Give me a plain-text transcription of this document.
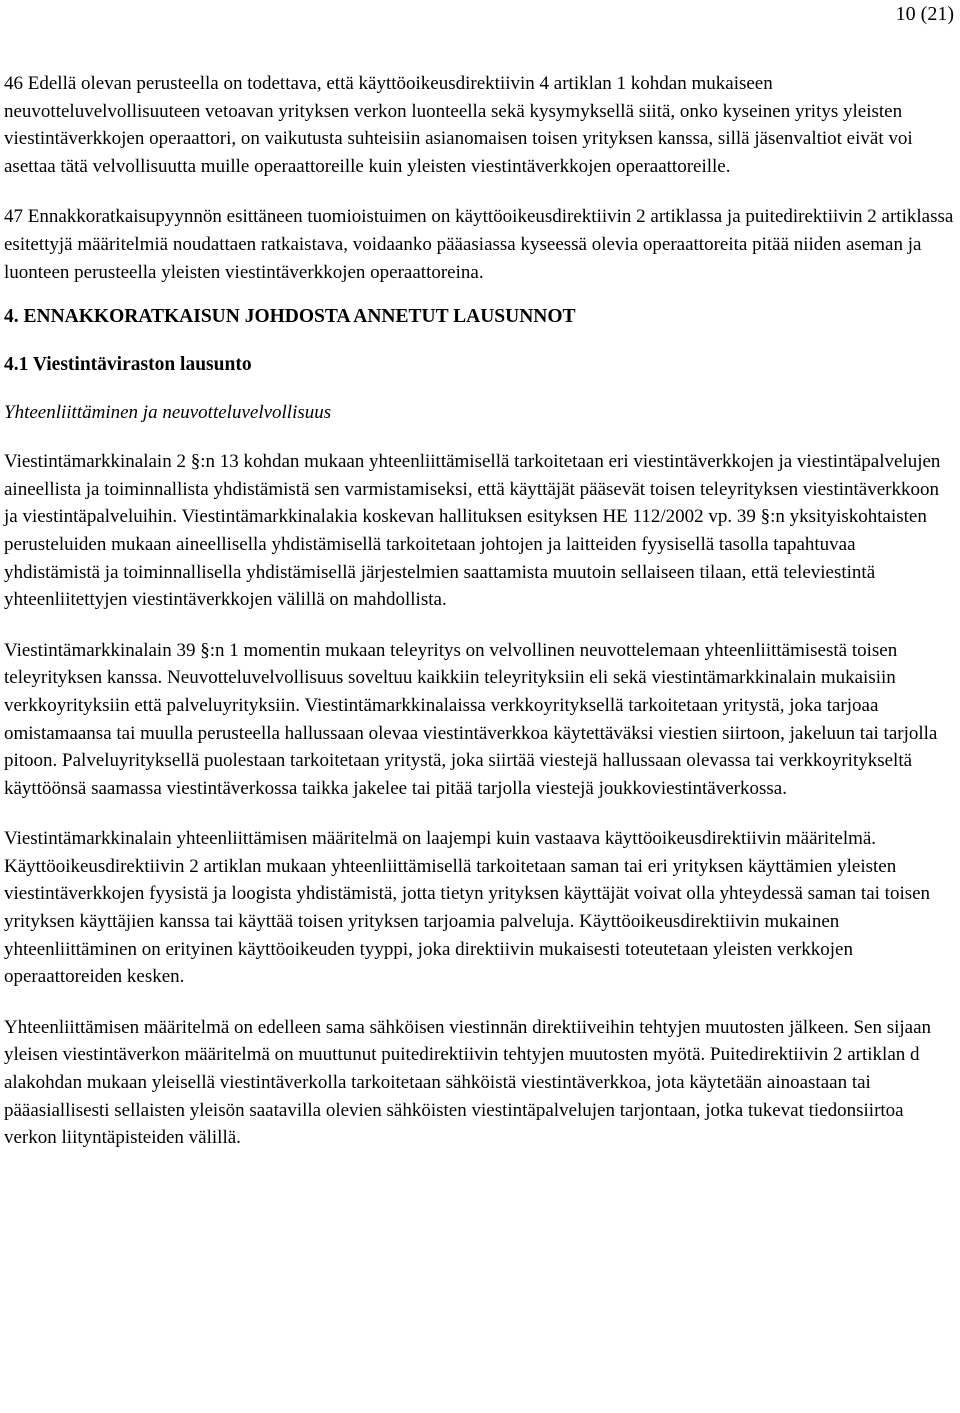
10 (21)

46 Edellä olevan perusteella on todettava, että käyttöoikeusdirektiivin 4 artiklan 1 kohdan mukaiseen neuvotteluvelvollisuuteen vetoavan yrityksen verkon luonteella sekä kysymyksellä siitä, onko kyseinen yritys yleisten viestintäverkkojen operaattori, on vaikutusta suhteisiin asianomaisen toisen yrityksen kanssa, sillä jäsenvaltiot eivät voi asettaa tätä velvollisuutta muille operaattoreille kuin yleisten viestintäverkkojen operaattoreille.

47 Ennakkoratkaisupyynnön esittäneen tuomioistuimen on käyttöoikeusdirektiivin 2 artiklassa ja puitedirektiivin 2 artiklassa esitettyjä määritelmiä noudattaen ratkaistava, voidaanko pääasiassa kyseessä olevia operaattoreita pitää niiden aseman ja luonteen perusteella yleisten viestintäverkkojen operaattoreina.

4. ENNAKKORATKAISUN JOHDOSTA ANNETUT LAUSUNNOT
4.1 Viestintäviraston lausunto
Yhteenliittäminen ja neuvotteluvelvollisuus

Viestintämarkkinalain 2 §:n 13 kohdan mukaan yhteenliittämisellä tarkoitetaan eri viestintäverkkojen ja viestintäpalvelujen aineellista ja toiminnallista yhdistämistä sen varmistamiseksi, että käyttäjät pääsevät toisen teleyrityksen viestintäverkkoon ja viestintäpalveluihin. Viestintämarkkinalakia koskevan hallituksen esityksen HE 112/2002 vp. 39 §:n yksityiskohtaisten perusteluiden mukaan aineellisella yhdistämisellä tarkoitetaan johtojen ja laitteiden fyysisellä tasolla tapahtuvaa yhdistämistä ja toiminnallisella yhdistämisellä järjestelmien saattamista muutoin sellaiseen tilaan, että televiestintä yhteenliitettyjen viestintäverkkojen välillä on mahdollista.

Viestintämarkkinalain 39 §:n 1 momentin mukaan teleyritys on velvollinen neuvottelemaan yhteenliittämisestä toisen teleyrityksen kanssa. Neuvotteluvelvollisuus soveltuu kaikkiin teleyrityksiin eli sekä viestintämarkkinalain mukaisiin verkkoyrityksiin että palveluyrityksiin. Viestintämarkkinalaissa verkkoyrityksellä tarkoitetaan yritystä, joka tarjoaa omistamaansa tai muulla perusteella hallussaan olevaa viestintäverkkoa käytettäväksi viestien siirtoon, jakeluun tai tarjolla pitoon. Palveluyrityksellä puolestaan tarkoitetaan yritystä, joka siirtää viestejä hallussaan olevassa tai verkkoyritykseltä käyttöönsä saamassa viestintäverkossa taikka jakelee tai pitää tarjolla viestejä joukkoviestintäverkossa.

Viestintämarkkinalain yhteenliittämisen määritelmä on laajempi kuin vastaava käyttöoikeusdirektiivin määritelmä. Käyttöoikeusdirektiivin 2 artiklan mukaan yhteenliittämisellä tarkoitetaan saman tai eri yrityksen käyttämien yleisten viestintäverkkojen fyysistä ja loogista yhdistämistä, jotta tietyn yrityksen käyttäjät voivat olla yhteydessä saman tai toisen yrityksen käyttäjien kanssa tai käyttää toisen yrityksen tarjoamia palveluja. Käyttöoikeusdirektiivin mukainen yhteenliittäminen on erityinen käyttöoikeuden tyyppi, joka direktiivin mukaisesti toteutetaan yleisten verkkojen operaattoreiden kesken.

Yhteenliittämisen määritelmä on edelleen sama sähköisen viestinnän direktiiveihin tehtyjen muutosten jälkeen. Sen sijaan yleisen viestintäverkon määritelmä on muuttunut puitedirektiivin tehtyjen muutosten myötä. Puitedirektiivin 2 artiklan d alakohdan mukaan yleisellä viestintäverkolla tarkoitetaan sähköistä viestintäverkkoa, jota käytetään ainoastaan tai pääasiallisesti sellaisten yleisön saatavilla olevien sähköisten viestintäpalvelujen tarjontaan, jotka tukevat tiedonsiirtoa verkon liityntäpisteiden välillä.
